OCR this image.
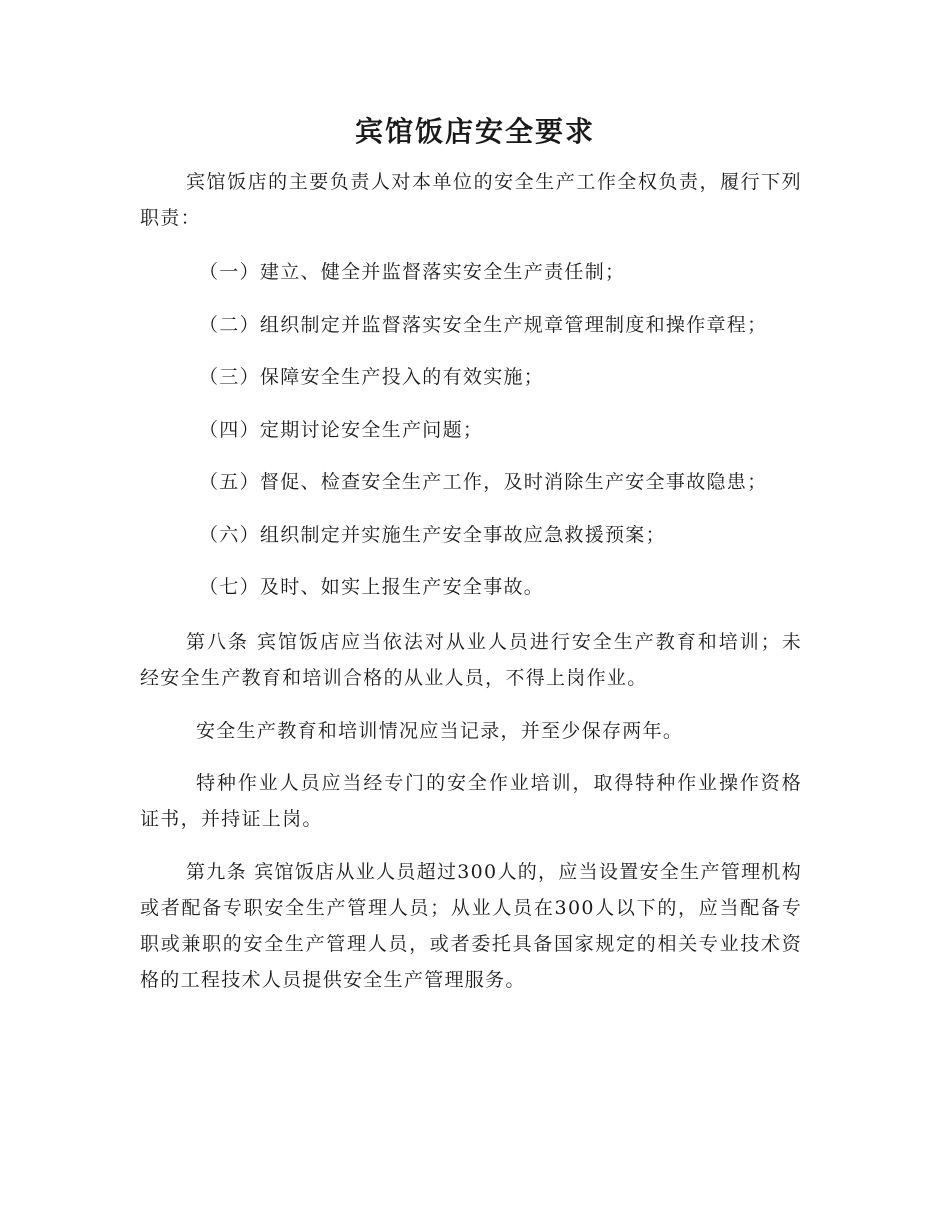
宾馆饭店安全要求

宾馆饭店的主要负责人对本单位的安全生产工作全权负责，履行下列职责：

（一）建立、健全并监督落实安全生产责任制；

（二）组织制定并监督落实安全生产规章管理制度和操作章程；

（三）保障安全生产投入的有效实施；

（四）定期讨论安全生产问题；

（五）督促、检查安全生产工作，及时消除生产安全事故隐患；

（六）组织制定并实施生产安全事故应急救援预案；

（七）及时、如实上报生产安全事故。

第八条 宾馆饭店应当依法对从业人员进行安全生产教育和培训；未经安全生产教育和培训合格的从业人员，不得上岗作业。

安全生产教育和培训情况应当记录，并至少保存两年。

特种作业人员应当经专门的安全作业培训，取得特种作业操作资格证书，并持证上岗。

第九条 宾馆饭店从业人员超过300人的，应当设置安全生产管理机构或者配备专职安全生产管理人员；从业人员在300人以下的，应当配备专职或兼职的安全生产管理人员，或者委托具备国家规定的相关专业技术资格的工程技术人员提供安全生产管理服务。
